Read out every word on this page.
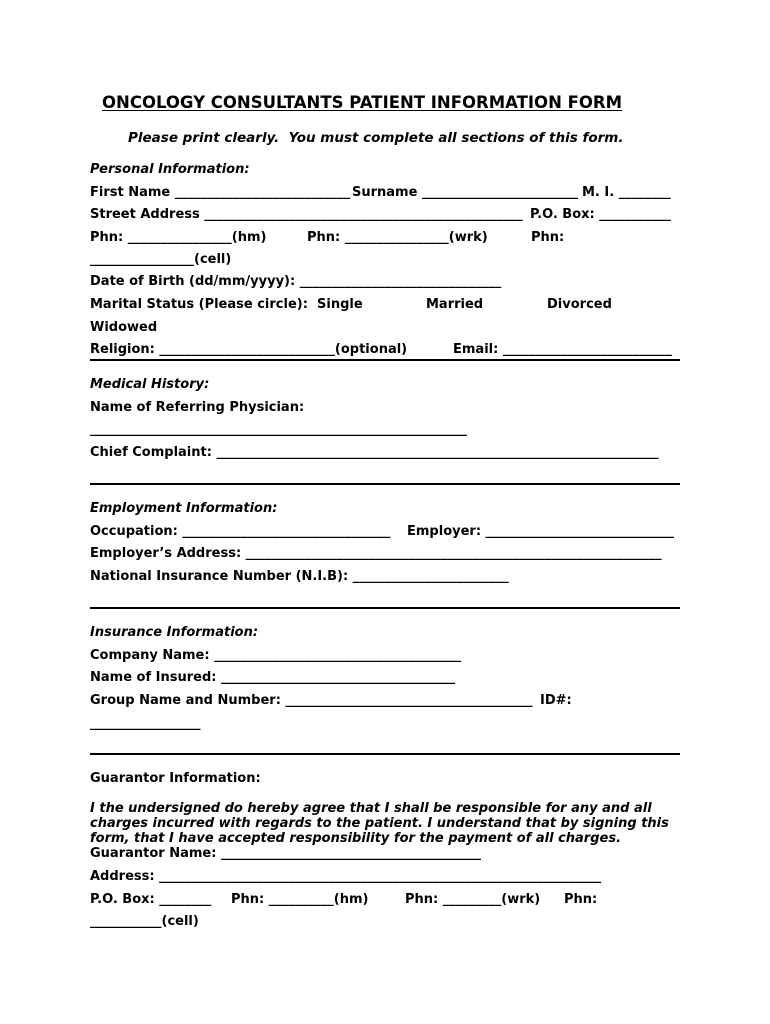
ONCOLOGY CONSULTANTS PATIENT INFORMATION FORM
Please print clearly.  You must complete all sections of this form.
Personal Information:
First Name ___________________________ Surname ________________________ M. I. ________
Street Address _________________________________________________ P.O. Box: ___________
Phn: ________________(hm)	Phn: ________________(wrk)	Phn:
________________(cell)
Date of Birth (dd/mm/yyyy): _______________________________
Marital Status (Please circle): Single	Married	Divorced
Widowed
Religion: ___________________________(optional)	Email: __________________________
Medical History:
Name of Referring Physician:
__________________________________________________________
Chief Complaint: ____________________________________________________________________
Employment Information:
Occupation: ________________________________ Employer: _____________________________
Employer’s Address: ________________________________________________________________
National Insurance Number (N.I.B): ________________________
Insurance Information:
Company Name: ______________________________________
Name of Insured: ____________________________________
Group Name and Number: ______________________________________ ID#:
_________________
Guarantor Information:
I the undersigned do hereby agree that I shall be responsible for any and all charges incurred with regards to the patient. I understand that by signing this form, that I have accepted responsibility for the payment of all charges.
Guarantor Name: ________________________________________
Address: ____________________________________________________________________
P.O. Box: ________ Phn: __________(hm)	Phn: _________(wrk) Phn:
___________(cell)
